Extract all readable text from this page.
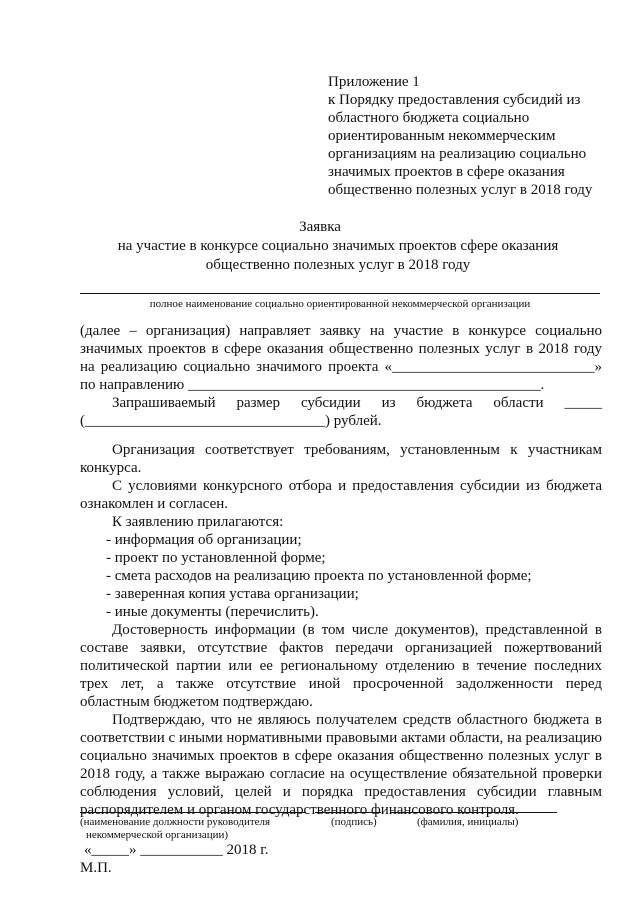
Приложение 1
к Порядку предоставления субсидий из
областного бюджета социально
ориентированным некоммерческим
организациям на реализацию социально
значимых проектов в сфере оказания
общественно полезных услуг в 2018 году
Заявка
на участие в конкурсе социально значимых проектов сфере оказания
общественно полезных услуг в 2018 году
полное наименование социально ориентированной некоммерческой организации
(далее – организация) направляет заявку на участие в конкурсе социально
значимых проектов в сфере оказания общественно полезных услуг в 2018 году
на реализацию социально значимого проекта «___________________________»
по направлению _______________________________________________.
Запрашиваемый размер субсидии из бюджета области _____
(________________________________) рублей.
Организация соответствует требованиям, установленным к участникам
конкурса.
С условиями конкурсного отбора и предоставления субсидии из бюджета
ознакомлен и согласен.
К заявлению прилагаются:
- информация об организации;
- проект по установленной форме;
- смета расходов на реализацию проекта по установленной форме;
- заверенная копия устава организации;
- иные документы (перечислить).
Достоверность информации (в том числе документов), представленной в
составе заявки, отсутствие фактов передачи организацией пожертвований
политической партии или ее региональному отделению в течение последних
трех лет, а также отсутствие иной просроченной задолженности перед
областным бюджетом подтверждаю.
Подтверждаю, что не являюсь получателем средств областного бюджета в
соответствии с иными нормативными правовыми актами области, на реализацию
социально значимых проектов в сфере оказания общественно полезных услуг в
2018 году, а также выражаю согласие на осуществление обязательной проверки
соблюдения условий, целей и порядка предоставления субсидии главным
распорядителем и органом государственного финансового контроля.
(наименование должности руководителя
некоммерческой организации)
(подпись)	(фамилия, инициалы)
«_____» ___________ 2018 г.
М.П.
